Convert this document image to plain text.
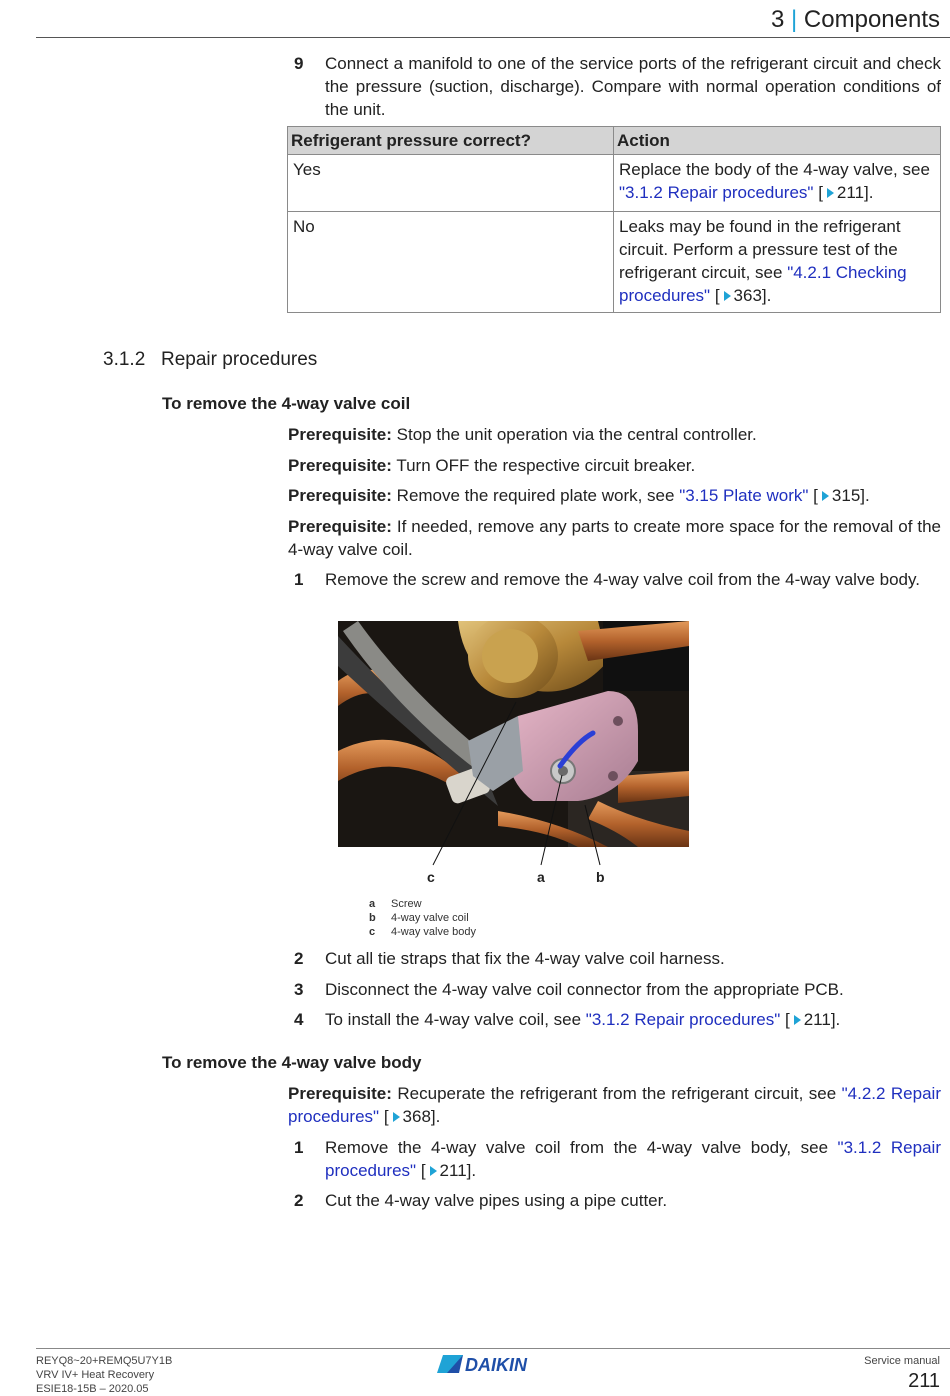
3 | Components
9 Connect a manifold to one of the service ports of the refrigerant circuit and check the pressure (suction, discharge). Compare with normal operation conditions of the unit.
Refrigerant pressure correct?	Action
Yes	Replace the body of the 4-way valve, see "3.1.2 Repair procedures" [ 211].
No	Leaks may be found in the refrigerant circuit. Perform a pressure test of the refrigerant circuit, see "4.2.1 Checking procedures" [ 363].
3.1.2 Repair procedures
To remove the 4-way valve coil
Prerequisite: Stop the unit operation via the central controller.
Prerequisite: Turn OFF the respective circuit breaker.
Prerequisite: Remove the required plate work, see "3.15 Plate work" [ 315].
Prerequisite: If needed, remove any parts to create more space for the removal of the 4-way valve coil.
1 Remove the screw and remove the 4-way valve coil from the 4-way valve body.
c	a	b
a Screw
b 4-way valve coil
c 4-way valve body
2 Cut all tie straps that fix the 4-way valve coil harness.
3 Disconnect the 4-way valve coil connector from the appropriate PCB.
4 To install the 4-way valve coil, see "3.1.2 Repair procedures" [ 211].
To remove the 4-way valve body
Prerequisite: Recuperate the refrigerant from the refrigerant circuit, see "4.2.2 Repair procedures" [ 368].
1 Remove the 4-way valve coil from the 4-way valve body, see "3.1.2 Repair procedures" [ 211].
2 Cut the 4-way valve pipes using a pipe cutter.
REYQ8~20+REMQ5U7Y1B
VRV IV+ Heat Recovery
ESIE18-15B – 2020.05
DAIKIN	Service manual
211
